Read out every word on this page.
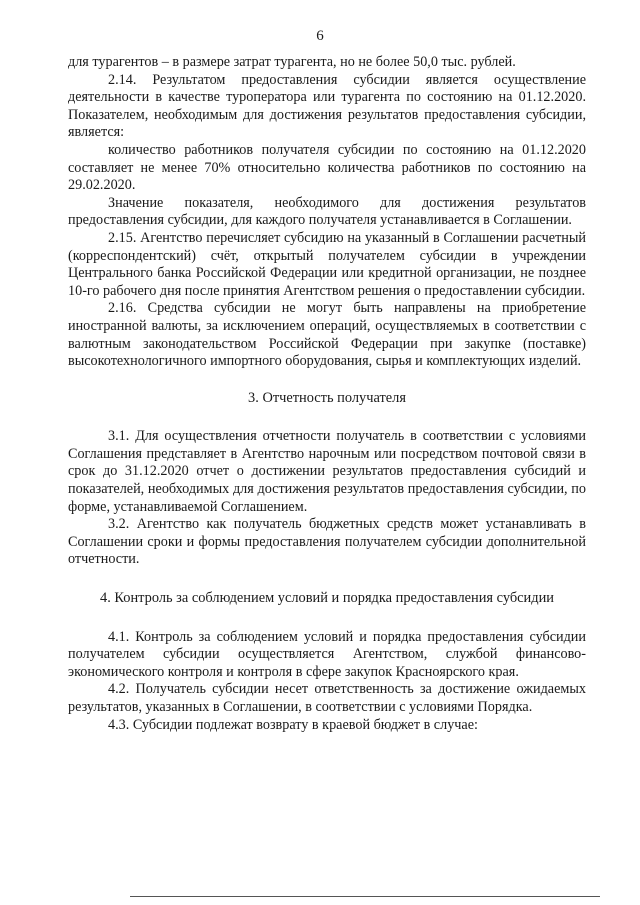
6

для турагентов – в размере затрат турагента, но не более 50,0 тыс. рублей.

2.14. Результатом предоставления субсидии является осуществление деятельности в качестве туроператора или турагента по состоянию на 01.12.2020. Показателем, необходимым для достижения результатов предоставления субсидии, является:

количество работников получателя субсидии по состоянию на 01.12.2020 составляет не менее 70% относительно количества работников по состоянию на 29.02.2020.

Значение показателя, необходимого для достижения результатов предоставления субсидии, для каждого получателя устанавливается в Соглашении.

2.15. Агентство перечисляет субсидию на указанный в Соглашении расчетный (корреспондентский) счёт, открытый получателем субсидии в учреждении Центрального банка Российской Федерации или кредитной организации, не позднее 10-го рабочего дня после принятия Агентством решения о предоставлении субсидии.

2.16. Средства субсидии не могут быть направлены на приобретение иностранной валюты, за исключением операций, осуществляемых в соответствии с валютным законодательством Российской Федерации при закупке (поставке) высокотехнологичного импортного оборудования, сырья и комплектующих изделий.

3. Отчетность получателя

3.1. Для осуществления отчетности получатель в соответствии с условиями Соглашения представляет в Агентство нарочным или посредством почтовой связи в срок до 31.12.2020 отчет о достижении результатов предоставления субсидий и показателей, необходимых для достижения результатов предоставления субсидии, по форме, устанавливаемой Соглашением.

3.2. Агентство как получатель бюджетных средств может устанавливать в Соглашении сроки и формы предоставления получателем субсидии дополнительной отчетности.

4. Контроль за соблюдением условий и порядка предоставления субсидии

4.1. Контроль за соблюдением условий и порядка предоставления субсидии получателем субсидии осуществляется Агентством, службой финансово-экономического контроля и контроля в сфере закупок Красноярского края.

4.2. Получатель субсидии несет ответственность за достижение ожидаемых результатов, указанных в Соглашении, в соответствии с условиями Порядка.

4.3. Субсидии подлежат возврату в краевой бюджет в случае:
